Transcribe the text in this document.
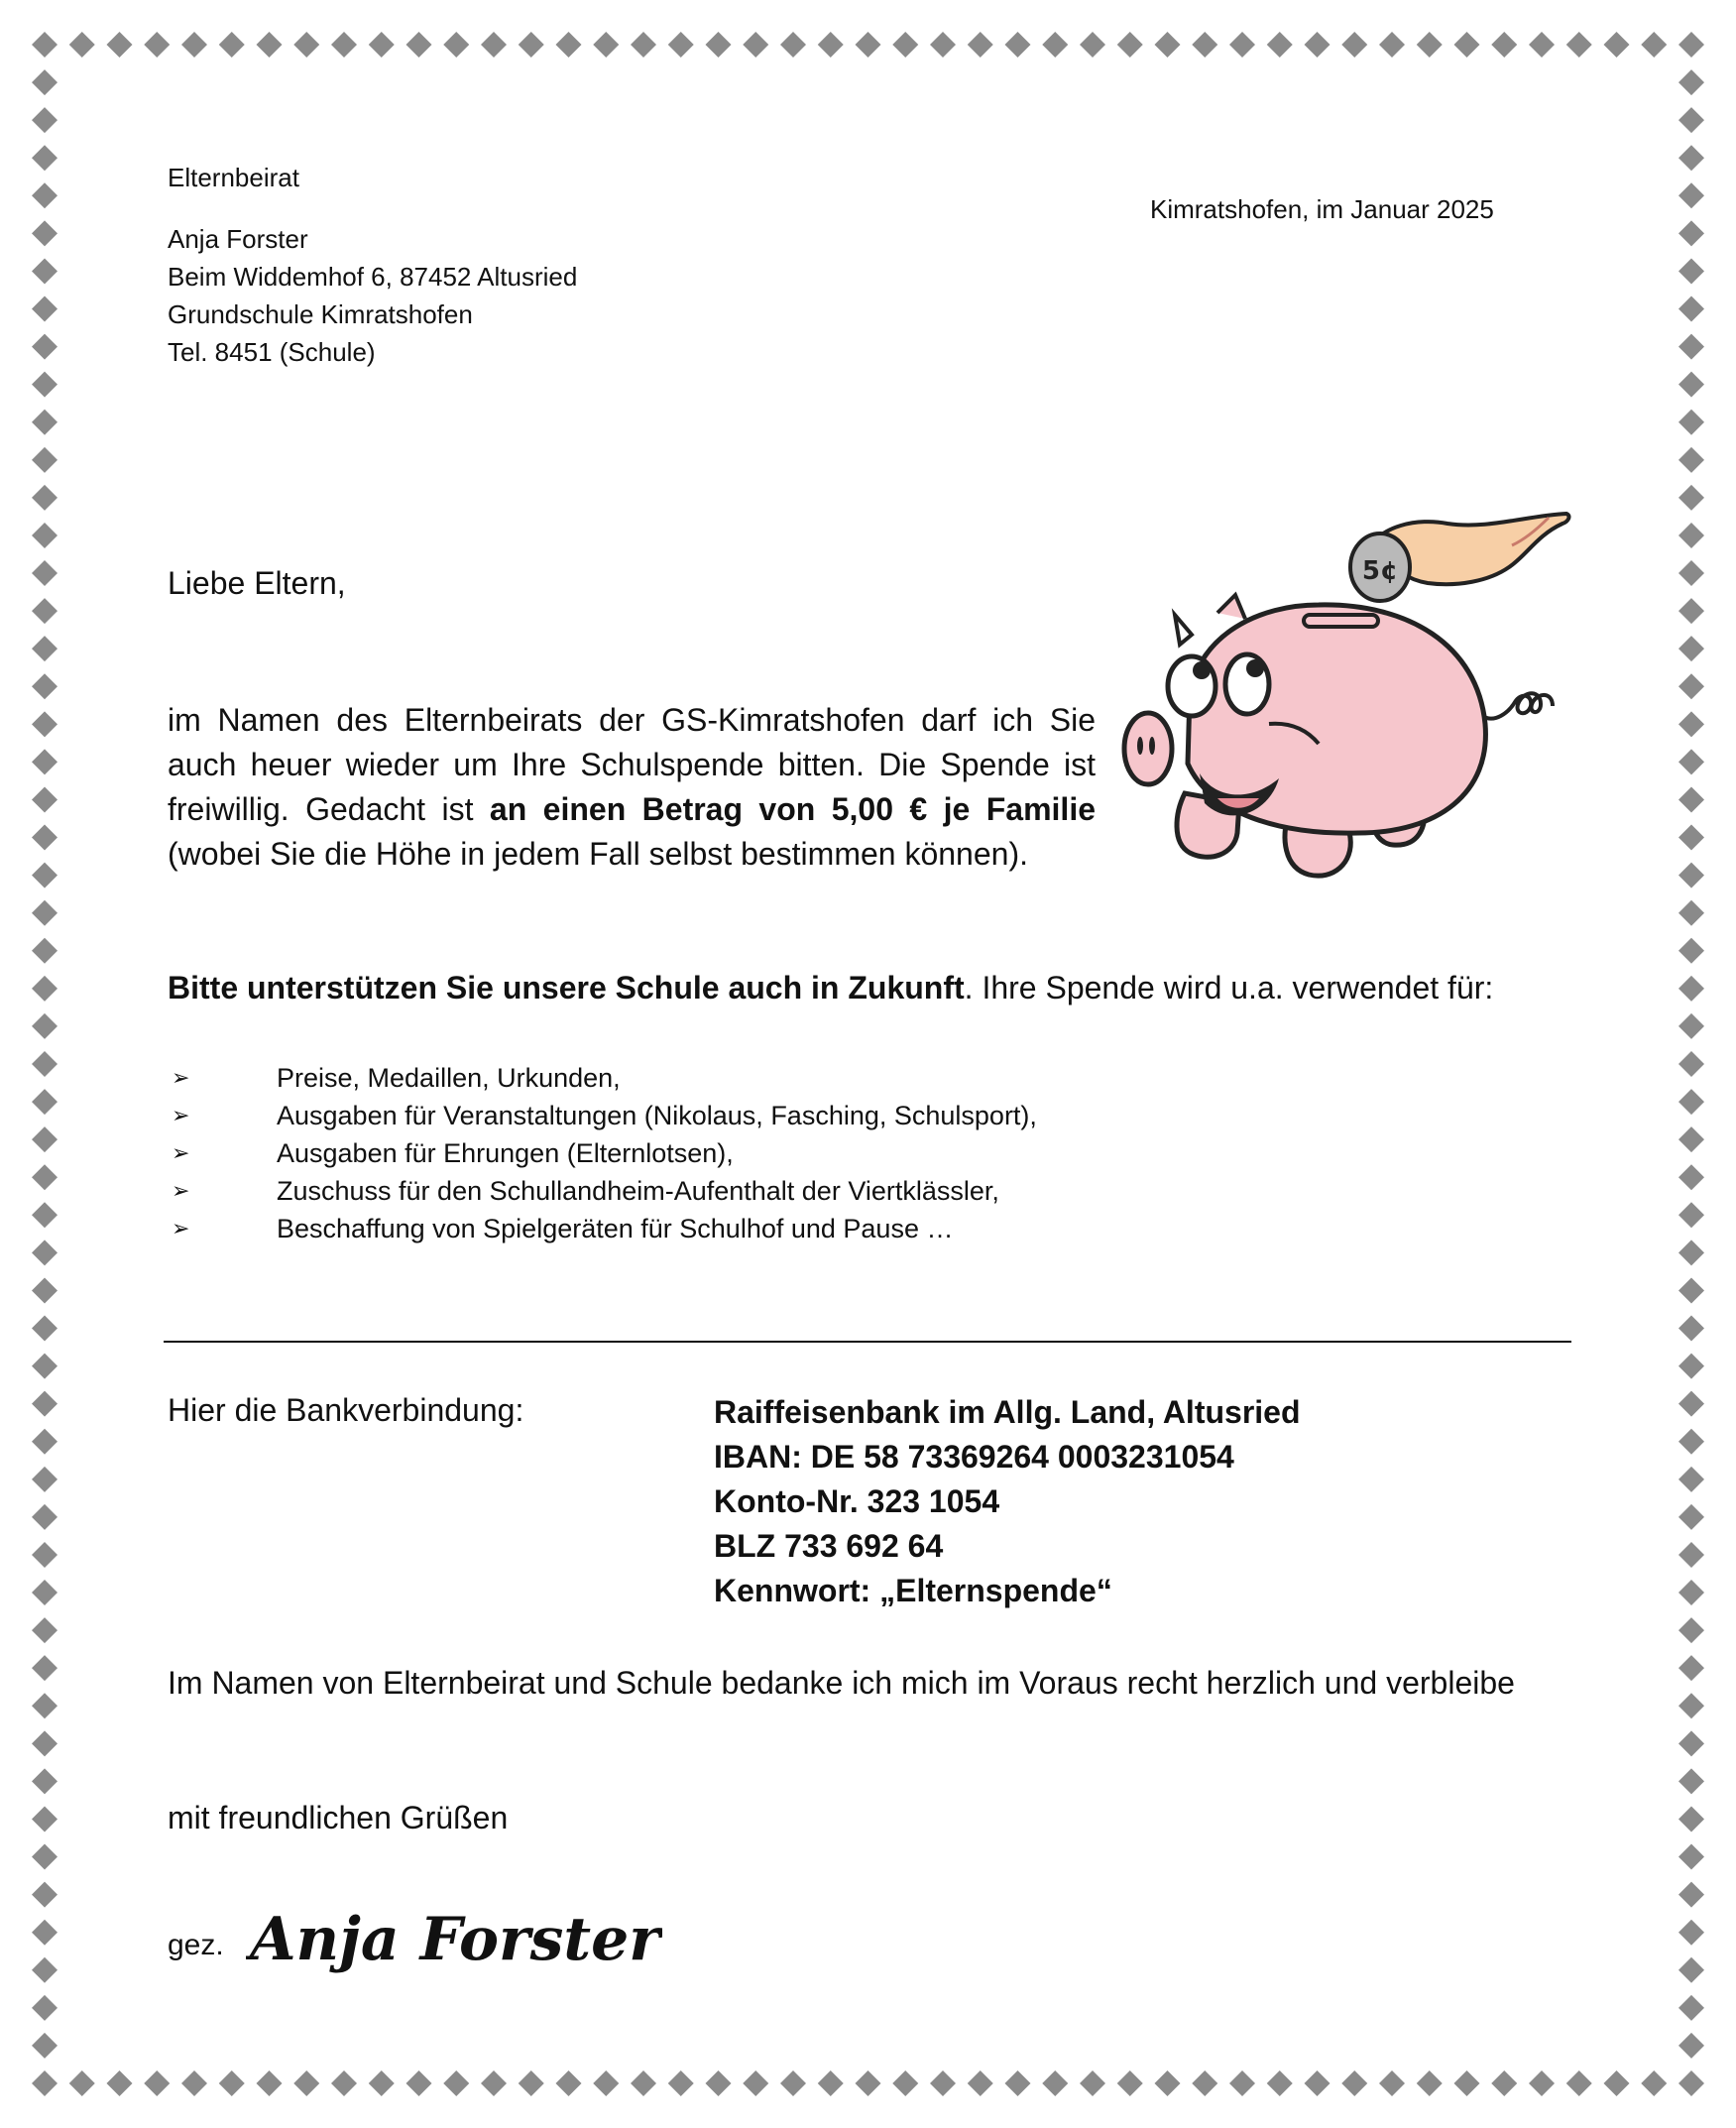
Elternbeirat
Anja Forster
Beim Widdemhof 6, 87452 Altusried
Grundschule Kimratshofen
Tel. 8451 (Schule)
Kimratshofen, im Januar 2025
Liebe Eltern,
im Namen des Elternbeirats der GS-Kimratshofen darf ich Sie auch heuer wieder um Ihre Schulspende bitten. Die Spende ist freiwillig. Gedacht ist an einen Betrag von 5,00 € je Familie (wobei Sie die Höhe in jedem Fall selbst bestimmen können).
5¢
Bitte unterstützen Sie unsere Schule auch in Zukunft. Ihre Spende wird u.a. verwendet für:
➢	Preise, Medaillen, Urkunden,
➢	Ausgaben für Veranstaltungen (Nikolaus, Fasching, Schulsport),
➢	Ausgaben für Ehrungen (Elternlotsen),
➢	Zuschuss für den Schullandheim-Aufenthalt der Viertklässler,
➢	Beschaffung von Spielgeräten für Schulhof und Pause …
Hier die Bankverbindung:	Raiffeisenbank im Allg. Land, Altusried
IBAN: DE 58 73369264 0003231054
Konto-Nr. 323 1054
BLZ 733 692 64
Kennwort: „Elternspende“
Im Namen von Elternbeirat und Schule bedanke ich mich im Voraus recht herzlich und verbleibe
mit freundlichen Grüßen
gez. Anja Forster
